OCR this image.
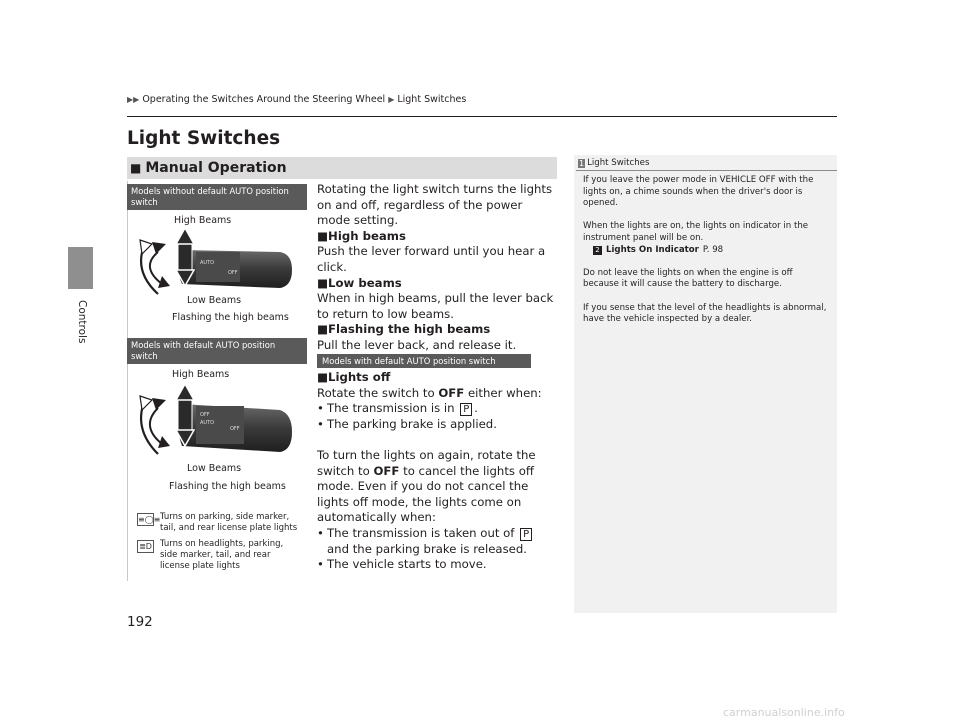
Controls
▶▶ Operating the Switches Around the Steering Wheel ▶ Light Switches
Light Switches
■ Manual Operation
Models without default AUTO position switch
AUTO
OFF
High Beams
Low Beams
Flashing the high beams
Models with default AUTO position switch
OFF
AUTO
OFF
High Beams
Low Beams
Flashing the high beams
≡◯≡ Turns on parking, side marker, tail, and rear license plate lights
≣D Turns on headlights, parking, side marker, tail, and rear license plate lights

Rotating the light switch turns the lights on and off, regardless of the power mode setting.

■High beams

Push the lever forward until you hear a click.

■Low beams

When in high beams, pull the lever back to return to low beams.

■Flashing the high beams

Pull the lever back, and release it.

Models with default AUTO position switch

■Lights off

Rotate the switch to OFF either when:

• The transmission is in P .
• The parking brake is applied.

To turn the lights on again, rotate the switch to OFF to cancel the lights off mode. Even if you do not cancel the lights off mode, the lights come on automatically when:

• The transmission is taken out of P and the parking brake is released.
• The vehicle starts to move.
1 Light Switches

If you leave the power mode in VEHICLE OFF with the lights on, a chime sounds when the driver's door is opened.

When the lights are on, the lights on indicator in the instrument panel will be on.

2 Lights On Indicator P. 98

Do not leave the lights on when the engine is off because it will cause the battery to discharge.

If you sense that the level of the headlights is abnormal, have the vehicle inspected by a dealer.

192
carmanualsonline.info
